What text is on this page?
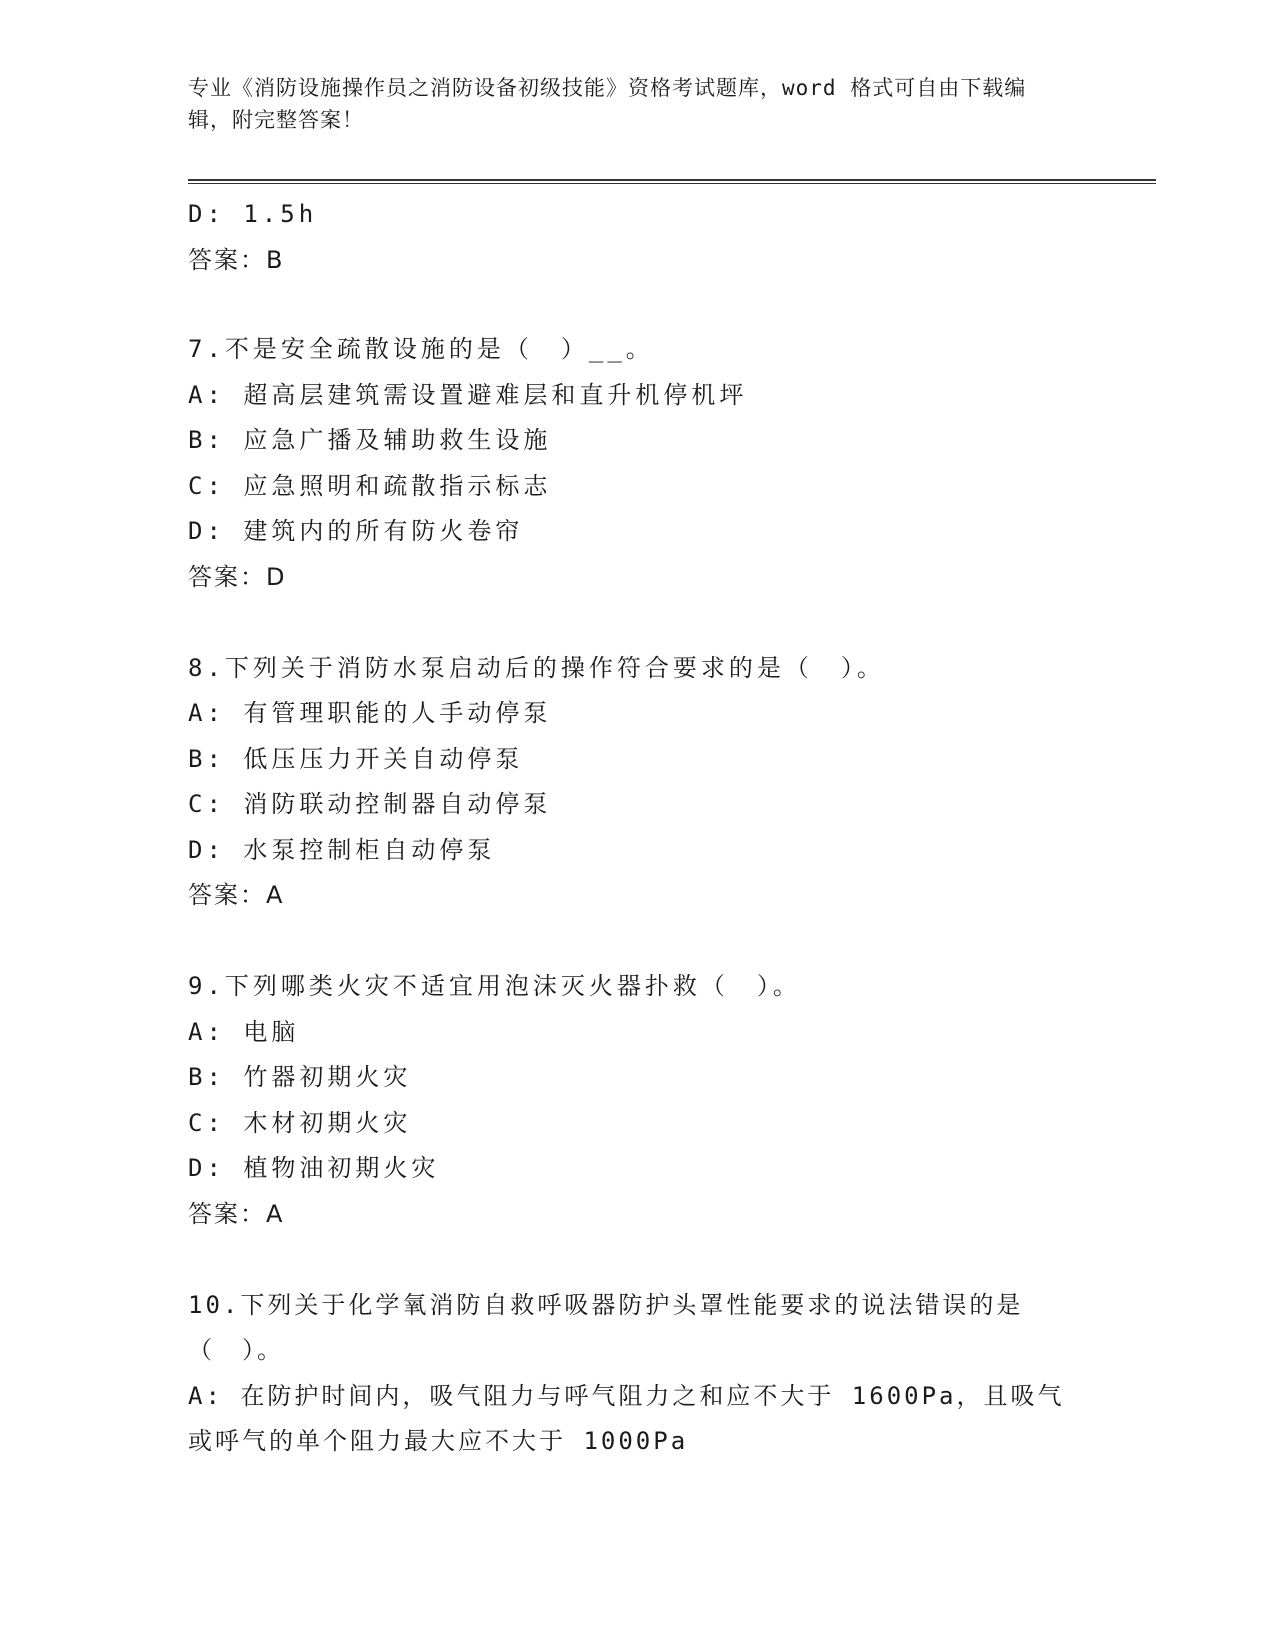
专业《消防设施操作员之消防设备初级技能》资格考试题库，word 格式可自由下载编辑，附完整答案！
D: 1.5h
答案：B
7.不是安全疏散设施的是（　）__。
A: 超高层建筑需设置避难层和直升机停机坪
B: 应急广播及辅助救生设施
C: 应急照明和疏散指示标志
D: 建筑内的所有防火卷帘
答案：D
8.下列关于消防水泵启动后的操作符合要求的是（　）。
A: 有管理职能的人手动停泵
B: 低压压力开关自动停泵
C: 消防联动控制器自动停泵
D: 水泵控制柜自动停泵
答案：A
9.下列哪类火灾不适宜用泡沫灭火器扑救（　）。
A: 电脑
B: 竹器初期火灾
C: 木材初期火灾
D: 植物油初期火灾
答案：A
10.下列关于化学氧消防自救呼吸器防护头罩性能要求的说法错误的是（　）。
A: 在防护时间内，吸气阻力与呼气阻力之和应不大于 1600Pa，且吸气或呼气的单个阻力最大应不大于 1000Pa
